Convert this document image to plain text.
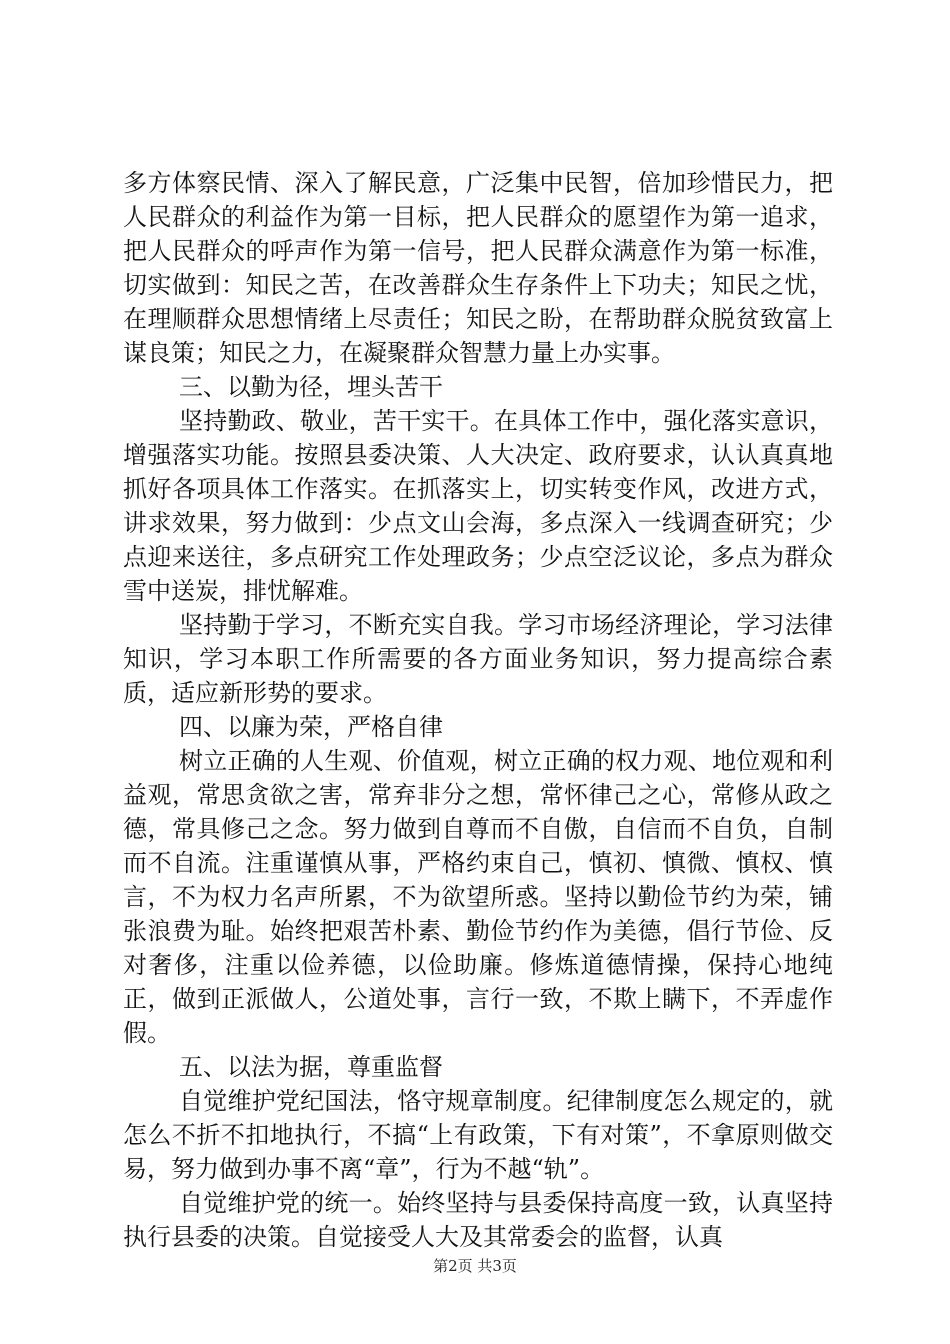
多方体察民情、深入了解民意，广泛集中民智，倍加珍惜民力，把人民群众的利益作为第一目标，把人民群众的愿望作为第一追求，把人民群众的呼声作为第一信号，把人民群众满意作为第一标准，切实做到：知民之苦，在改善群众生存条件上下功夫；知民之忧，在理顺群众思想情绪上尽责任；知民之盼，在帮助群众脱贫致富上谋良策；知民之力，在凝聚群众智慧力量上办实事。

三、以勤为径，埋头苦干

坚持勤政、敬业，苦干实干。在具体工作中，强化落实意识，增强落实功能。按照县委决策、人大决定、政府要求，认认真真地抓好各项具体工作落实。在抓落实上，切实转变作风，改进方式，讲求效果，努力做到：少点文山会海，多点深入一线调查研究；少点迎来送往，多点研究工作处理政务；少点空泛议论，多点为群众雪中送炭，排忧解难。

坚持勤于学习，不断充实自我。学习市场经济理论，学习法律知识，学习本职工作所需要的各方面业务知识，努力提高综合素质，适应新形势的要求。

四、以廉为荣，严格自律

树立正确的人生观、价值观，树立正确的权力观、地位观和利益观，常思贪欲之害，常弃非分之想，常怀律己之心，常修从政之德，常具修己之念。努力做到自尊而不自傲，自信而不自负，自制而不自流。注重谨慎从事，严格约束自己，慎初、慎微、慎权、慎言，不为权力名声所累，不为欲望所惑。坚持以勤俭节约为荣，铺张浪费为耻。始终把艰苦朴素、勤俭节约作为美德，倡行节俭、反对奢侈，注重以俭养德，以俭助廉。修炼道德情操，保持心地纯正，做到正派做人，公道处事，言行一致，不欺上瞒下，不弄虚作假。

五、以法为据，尊重监督

自觉维护党纪国法，恪守规章制度。纪律制度怎么规定的，就怎么不折不扣地执行，不搞“上有政策，下有对策”，不拿原则做交易，努力做到办事不离“章”，行为不越“轨”。

自觉维护党的统一。始终坚持与县委保持高度一致，认真坚持执行县委的决策。自觉接受人大及其常委会的监督，认真

第2页 共3页
